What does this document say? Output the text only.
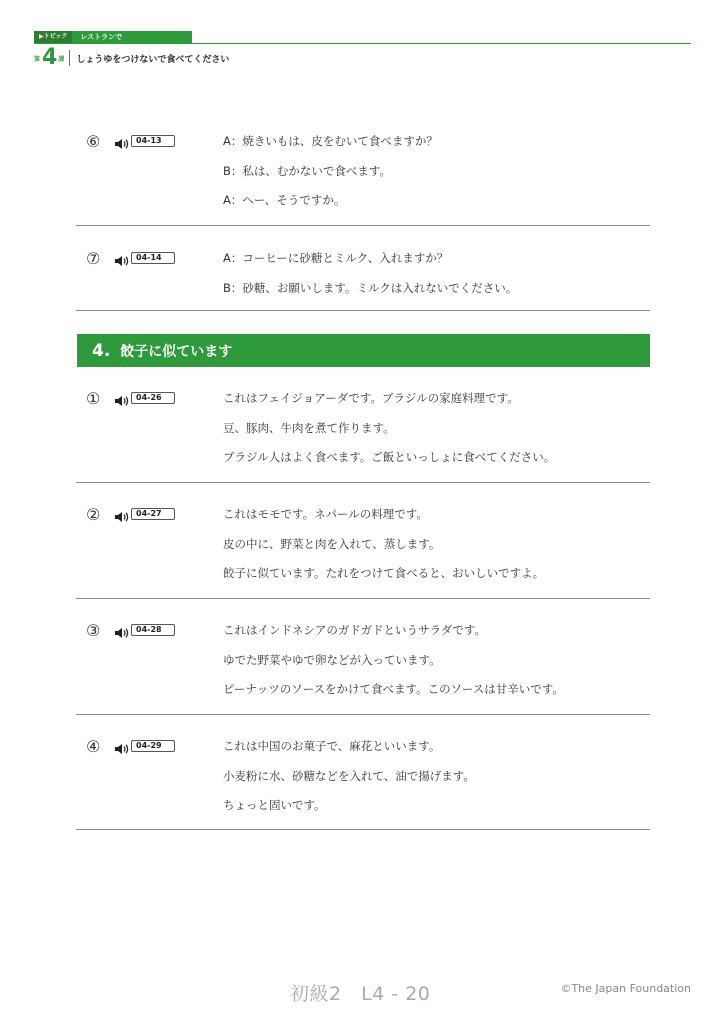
▶トピック	レストランで
第 4 課 しょうゆをつけないで食べてください
⑥	04-13	A：焼きいもは、皮をむいて食べますか？
B：私は、むかないで食べます。
A：へー、そうですか。
⑦	04-14	A：コーヒーに砂糖とミルク、入れますか？
B：砂糖、お願いします。ミルクは入れないでください。
4. 餃子に似ています
①	04-26	これはフェイジョアーダです。ブラジルの家庭料理です。
豆、豚肉、牛肉を煮て作ります。
ブラジル人はよく食べます。ご飯といっしょに食べてください。
②	04-27	これはモモです。ネパールの料理です。
皮の中に、野菜と肉を入れて、蒸します。
餃子に似ています。たれをつけて食べると、おいしいですよ。
③	04-28	これはインドネシアのガドガドというサラダです。
ゆでた野菜やゆで卵などが入っています。
ピーナッツのソースをかけて食べます。このソースは甘辛いです。
④	04-29	これは中国のお菓子で、麻花といいます。
小麦粉に水、砂糖などを入れて、油で揚げます。
ちょっと固いです。
初級2　L4 - 20	©The Japan Foundation
